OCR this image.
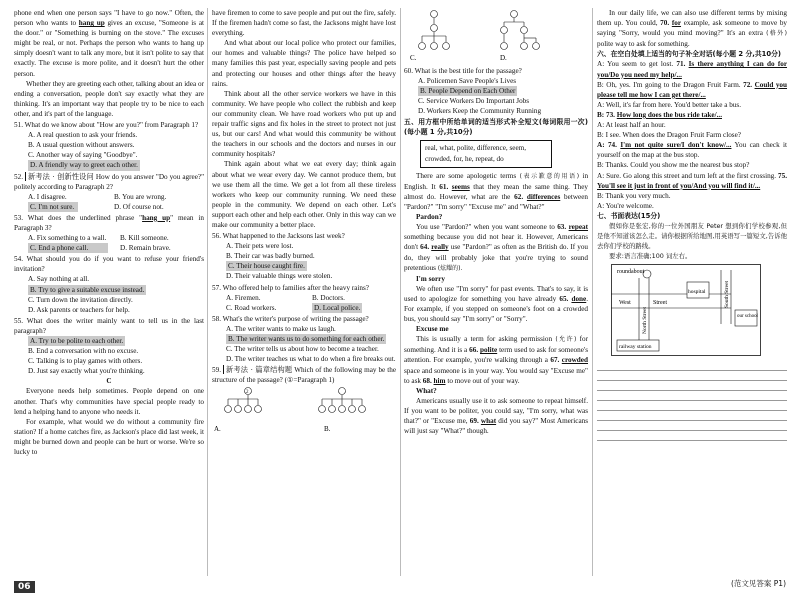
phone end when one person says "I have to go now." Often, the person who wants to hang up gives an excuse, "Someone is at the door." or "Something is burning on the stove." The excuses might be real, or not. Perhaps the person who wants to hang up simply doesn't want to talk any more, but it isn't polite to say that exactly. The excuse is more polite, and it doesn't hurt the other person.

Whether they are greeting each other, talking about an idea or ending a conversation, people don't say exactly what they are thinking. It's an important way that people try to be nice to each other, and it's part of the language.

51. What do we know about "How are you?" from Paragraph 1?

A. A real question to ask your friends.

B. A usual question without answers.

C. Another way of saying "Goodbye".

D. A friendly way to greet each other.

52. 新考法 · 创新性设问 How do you answer "Do you agree?" politely according to Paragraph 2?

A. I disagree.	B. You are wrong.

C. I'm not sure.	D. Of course not.

53. What does the underlined phrase "hang up" mean in Paragraph 3?

A. Fix something to a wall. B. Kill someone.

C. End a phone call.	D. Remain brave.

54. What should you do if you want to refuse your friend's invitation?

A. Say nothing at all.

B. Try to give a suitable excuse instead.

C. Turn down the invitation directly.

D. Ask parents or teachers for help.

55. What does the writer mainly want to tell us in the last paragraph?

A. Try to be polite to each other.

B. End a conversation with no excuse.

C. Talking is to play games with others.

D. Just say exactly what you're thinking.

C

Everyone needs help sometimes. People depend on one another. That's why communities have special people ready to lend a helping hand to anyone who needs it.

For example, what would we do without a community fire station? If a home catches fire, as Jackson's place did last week, it might be burned down and people can be hurt or worse. We're so lucky to

have firemen to come to save people and put out the fire, safely. If the firemen hadn't come so fast, the Jacksons might have lost everything.

And what about our local police who protect our families, our homes and valuable things? The police have helped so many families this past year, especially saving people and pets and protecting our houses and other things after the heavy rains.

Think about all the other service workers we have in this community. We have people who collect the rubbish and keep our community clean. We have road workers who put up and repair traffic signs and fix holes in the street to protect not just us, but our cars! And what would this community be without the teachers in our schools and the doctors and nurses in our community hospitals?

Think again about what we eat every day; think again about what we wear every day. We cannot produce them, but we use them all the time. We get a lot from all these tireless workers who keep our community running. We need these people in the community. We depend on each other. Let's support each other and help each other. Only in this way can we make our community a better place.

56. What happened to the Jacksons last week?

A. Their pets were lost.

B. Their car was badly burned.

C. Their house caught fire.

D. Their valuable things were stolen.

57. Who offered help to families after the heavy rains?

A. Firemen.	B. Doctors.

C. Road workers.	D. Local police.

58. What's the writer's purpose of writing the passage?

A. The writer wants to make us laugh.

B. The writer wants us to do something for each other.

C. The writer tells us about how to become a teacher.

D. The writer teaches us what to do when a fire breaks out.

59. 新考法 · 篇章结构题 Which of the following may be the structure of the passage? (①=Paragraph 1)

A.	B.
2
C.	D.

60. What is the best title for the passage?

A. Policemen Save People's Lives

B. People Depend on Each Other

C. Service Workers Do Important Jobs

D. Workers Keep the Community Running

五、用方框中所给单词的适当形式补全短文(每词限用一次)(每小题 1 分,共10分)

real, what, polite, difference, seem, crowded, for, he, repeat, do

There are some apologetic terms (表示歉意的用语) in English. It 61. seems that they mean the same thing. They almost do. However, what are the 62. differences between "Pardon?" "I'm sorry" "Excuse me" and "What?"

Pardon?

You use "Pardon?" when you want someone to 63. repeat something because you did not hear it. However, Americans don't 64. really use "Pardon?" as often as the British do. If you do, they will probably joke that you're trying to sound pretentious (炫耀的).

I'm sorry

We often use "I'm sorry" for past events. That's to say, it is used to apologize for something you have already 65. done. For example, if you stepped on someone's foot on a crowded bus, you should say "I'm sorry" or "Sorry".

Excuse me

This is usually a term for asking permission (允许) for something. And it is a 66. polite term used to ask for someone's attention. For example, you're walking through a 67. crowded space and someone is in your way. You would say "Excuse me" to ask 68. him to move out of your way.

What?

Americans usually use it to ask someone to repeat himself. If you want to be politer, you could say, "I'm sorry, what was that?" or "Excuse me, 69. what did you say?" Most Americans will just say "What?" though.

In our daily life, we can also use different terms by mixing them up. You could, 70. for example, ask someone to move by saying "Sorry, would you mind moving?" It's an extra (格外) polite way to ask for something.

六、在空白处填上适当的句子补全对话(每小题 2 分,共10分)

A: You seem to get lost. 71. Is there anything I can do for you/Do you need my help/...

B: Oh, yes. I'm going to the Dragon Fruit Farm. 72. Could you please tell me how I can get there/...

A: Well, it's far from here. You'd better take a bus.

B: 73. How long does the bus ride take/...

A: At least half an hour.

B: I see. When does the Dragon Fruit Farm close?

A: 74. I'm not quite sure/I don't know/... You can check it yourself on the map at the bus stop.

B: Thanks. Could you show me the nearest bus stop?

A: Sure. Go along this street and turn left at the first crossing. 75. You'll see it just in front of you/And you will find it/...

B: Thank you very much.

A: You're welcome.

七、书面表达(15分)

假如你是张宏,你的一位外国朋友 Peter 想到你们学校参观,但是他不知道该怎么走。请你根据所给地图,用英语写一篇短文,告诉他去你们学校的路线。

要求:语言准确;100 词左右。

roundabout
West	Street
North Street
hospital	South Street
our school
railway station
06	(范文见答案 P1)
